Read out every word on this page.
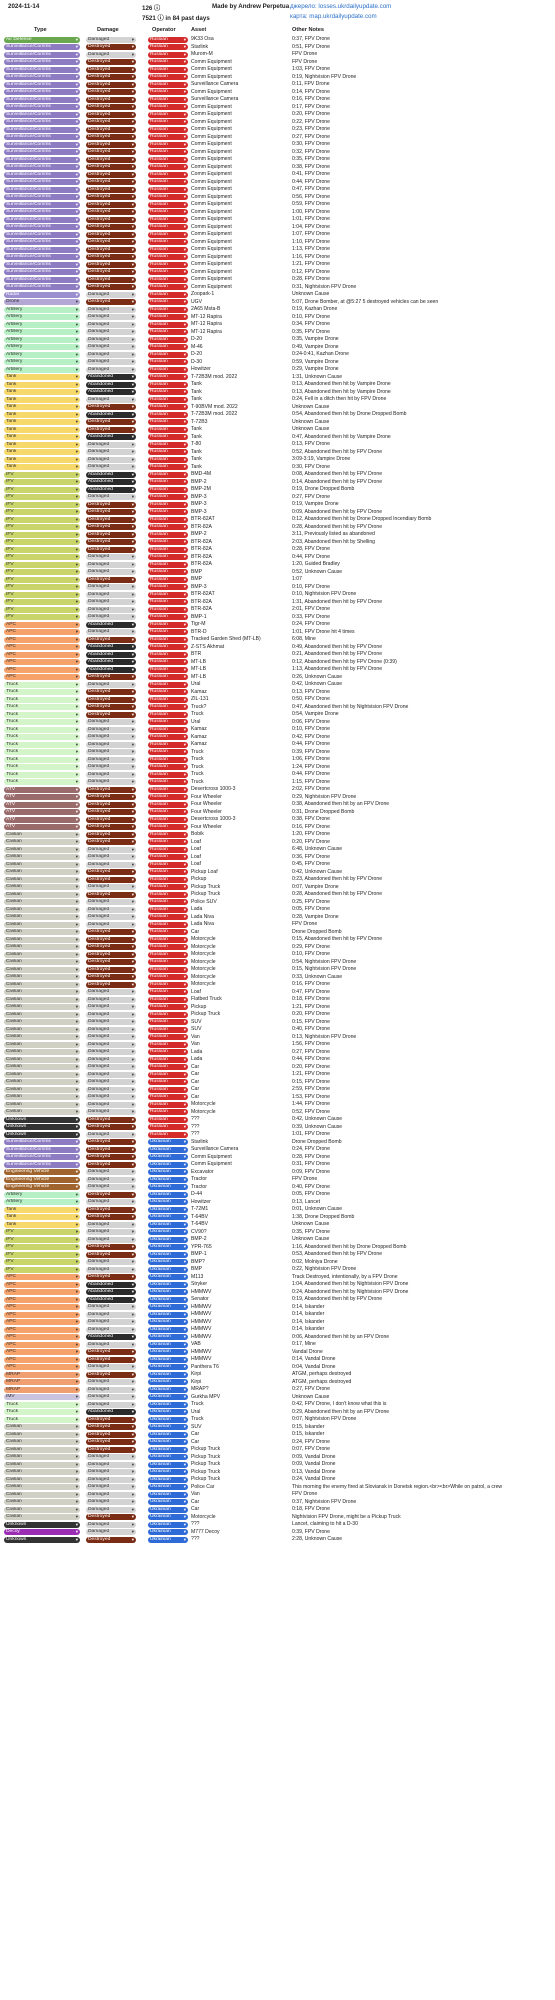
2024-11-14	126 ⓘ
7521 ⓘ in 84 past days
Made by Andrew Perpetua джерело: losses.ukrdailyupdate.com
карта: map.ukrdailyupdate.com
Type	Damage	Operator	Asset	Other Notes
Air Defense ▾	Damaged ▾	Russian ▾	9K33 Osa	0:37, FPV Drone
Surveillance/Comms ▾	Destroyed ▾	Russian ▾	Starlink	0:51, FPV Drone
Surveillance/Comms ▾	Damaged ▾	Russian ▾	Murom-M	FPV Drone
Surveillance/Comms ▾	Destroyed ▾	Russian ▾	Comm Equipment	FPV Drone
Surveillance/Comms ▾	Destroyed ▾	Russian ▾	Comm Equipment	1:03, FPV Drone
Surveillance/Comms ▾	Destroyed ▾	Russian ▾	Comm Equipment	0:19, Nightvision FPV Drone
Surveillance/Comms ▾	Destroyed ▾	Russian ▾	Surveillance Camera	0:11, FPV Drone
Surveillance/Comms ▾	Destroyed ▾	Russian ▾	Comm Equipment	0:14, FPV Drone
Surveillance/Comms ▾	Destroyed ▾	Russian ▾	Surveillance Camera	0:16, FPV Drone
Surveillance/Comms ▾	Destroyed ▾	Russian ▾	Comm Equipment	0:17, FPV Drone
Surveillance/Comms ▾	Destroyed ▾	Russian ▾	Comm Equipment	0:20, FPV Drone
Surveillance/Comms ▾	Destroyed ▾	Russian ▾	Comm Equipment	0:22, FPV Drone
Surveillance/Comms ▾	Destroyed ▾	Russian ▾	Comm Equipment	0:23, FPV Drone
Surveillance/Comms ▾	Destroyed ▾	Russian ▾	Comm Equipment	0:27, FPV Drone
Surveillance/Comms ▾	Destroyed ▾	Russian ▾	Comm Equipment	0:30, FPV Drone
Surveillance/Comms ▾	Destroyed ▾	Russian ▾	Comm Equipment	0:32, FPV Drone
Surveillance/Comms ▾	Destroyed ▾	Russian ▾	Comm Equipment	0:35, FPV Drone
Surveillance/Comms ▾	Destroyed ▾	Russian ▾	Comm Equipment	0:38, FPV Drone
Surveillance/Comms ▾	Destroyed ▾	Russian ▾	Comm Equipment	0:41, FPV Drone
Surveillance/Comms ▾	Destroyed ▾	Russian ▾	Comm Equipment	0:44, FPV Drone
Surveillance/Comms ▾	Destroyed ▾	Russian ▾	Comm Equipment	0:47, FPV Drone
Surveillance/Comms ▾	Destroyed ▾	Russian ▾	Comm Equipment	0:56, FPV Drone
Surveillance/Comms ▾	Destroyed ▾	Russian ▾	Comm Equipment	0:59, FPV Drone
Surveillance/Comms ▾	Destroyed ▾	Russian ▾	Comm Equipment	1:00, FPV Drone
Surveillance/Comms ▾	Destroyed ▾	Russian ▾	Comm Equipment	1:01, FPV Drone
Surveillance/Comms ▾	Destroyed ▾	Russian ▾	Comm Equipment	1:04, FPV Drone
Surveillance/Comms ▾	Destroyed ▾	Russian ▾	Comm Equipment	1:07, FPV Drone
Surveillance/Comms ▾	Destroyed ▾	Russian ▾	Comm Equipment	1:10, FPV Drone
Surveillance/Comms ▾	Destroyed ▾	Russian ▾	Comm Equipment	1:13, FPV Drone
Surveillance/Comms ▾	Destroyed ▾	Russian ▾	Comm Equipment	1:16, FPV Drone
Surveillance/Comms ▾	Destroyed ▾	Russian ▾	Comm Equipment	1:21, FPV Drone
Surveillance/Comms ▾	Destroyed ▾	Russian ▾	Comm Equipment	0:12, FPV Drone
Surveillance/Comms ▾	Destroyed ▾	Russian ▾	Comm Equipment	0:28, FPV Drone
Surveillance/Comms ▾	Destroyed ▾	Russian ▾	Comm Equipment	0:31, Nightvision FPV Drone
Radar ▾	Damaged ▾	Russian ▾	Zoopark-1	Unknown Cause
Drone ▾	Destroyed ▾	Russian ▾	UGV	5:07, Drone Bomber, at @5:27 5 destroyed vehicles can be seen
Artillery ▾	Damaged ▾	Russian ▾	2A65 Msta-B	0:19, Kazhan Drone
Artillery ▾	Damaged ▾	Russian ▾	MT-12 Rapira	0:10, FPV Drone
Artillery ▾	Damaged ▾	Russian ▾	MT-12 Rapira	0:34, FPV Drone
Artillery ▾	Damaged ▾	Russian ▾	MT-12 Rapira	0:35, FPV Drone
Artillery ▾	Damaged ▾	Russian ▾	D-20	0:35, Vampire Drone
Artillery ▾	Damaged ▾	Russian ▾	M-46	0:49, Vampire Drone
Artillery ▾	Damaged ▾	Russian ▾	D-20	0:24-0:41, Kazhan Drone
Artillery ▾	Damaged ▾	Russian ▾	D-30	0:59, Vampire Drone
Artillery ▾	Damaged ▾	Russian ▾	Howitzer	0:29, Vampire Drone
Tank ▾	Abandoned ▾	Russian ▾	T-72B3M mod. 2022	1:31, Unknown Cause
Tank ▾	Abandoned ▾	Russian ▾	Tank	0:13, Abandoned then hit by Vampire Drone
Tank ▾	Abandoned ▾	Russian ▾	Tank	0:13, Abandoned then hit by Vampire Drone
Tank ▾	Damaged ▾	Russian ▾	Tank	0:24, Fell in a ditch then hit by FPV Drone
Tank ▾	Destroyed ▾	Russian ▾	T-90BVM mod. 2022	Unknown Cause
Tank ▾	Abandoned ▾	Russian ▾	T-72B3M mod. 2022	0:54, Abandoned then hit by Drone Dropped Bomb
Tank ▾	Destroyed ▾	Russian ▾	T-72B3	Unknown Cause
Tank ▾	Destroyed ▾	Russian ▾	Tank	Unknown Cause
Tank ▾	Abandoned ▾	Russian ▾	Tank	0:47, Abandoned then hit by Vampire Drone
Tank ▾	Damaged ▾	Russian ▾	T-80	0:13, FPV Drone
Tank ▾	Damaged ▾	Russian ▾	Tank	0:52, Abandoned then hit by FPV Drone
Tank ▾	Damaged ▾	Russian ▾	Tank	3:09-3:19, Vampire Drone
Tank ▾	Damaged ▾	Russian ▾	Tank	0:30, FPV Drone
IFV ▾	Abandoned ▾	Russian ▾	BMD-4M	0:08, Abandoned then hit by FPV Drone
IFV ▾	Abandoned ▾	Russian ▾	BMP-2	0:14, Abandoned then hit by FPV Drone
IFV ▾	Abandoned ▾	Russian ▾	BMP-2M	0:19, Drone Dropped Bomb
IFV ▾	Damaged ▾	Russian ▾	BMP-3	0:27, FPV Drone
IFV ▾	Destroyed ▾	Russian ▾	BMP-3	0:19, Vampire Drone
IFV ▾	Destroyed ▾	Russian ▾	BMP-3	0:09, Abandoned then hit by FPV Drone
IFV ▾	Destroyed ▾	Russian ▾	BTR-82AT	0:12, Abandoned then hit by Drone Dropped Incendiary Bomb
IFV ▾	Destroyed ▾	Russian ▾	BTR-82A	0:28, Abandoned then hit by FPV Drone
IFV ▾	Destroyed ▾	Russian ▾	BMP-2	3:11, Previously listed as abandoned
IFV ▾	Destroyed ▾	Russian ▾	BTR-82A	2:03, Abandoned then hit by Shelling
IFV ▾	Destroyed ▾	Russian ▾	BTR-82A	0:28, FPV Drone
IFV ▾	Damaged ▾	Russian ▾	BTR-82A	0:44, FPV Drone
IFV ▾	Damaged ▾	Russian ▾	BTR-82A	1:20, Guided Bradley
IFV ▾	Damaged ▾	Russian ▾	BMP	0:52, Unknown Cause
IFV ▾	Destroyed ▾	Russian ▾	BMP	1:07
IFV ▾	Damaged ▾	Russian ▾	BMP-3	0:10, FPV Drone
IFV ▾	Damaged ▾	Russian ▾	BTR-82AT	0:10, Nightvision FPV Drone
IFV ▾	Damaged ▾	Russian ▾	BTR-82A	1:31, Abandoned then hit by FPV Drone
IFV ▾	Damaged ▾	Russian ▾	BTR-82A	2:01, FPV Drone
IFV ▾	Damaged ▾	Russian ▾	BMP-1	0:33, FPV Drone
APC ▾	Abandoned ▾	Russian ▾	Tigr-M	0:24, FPV Drone
APC ▾	Damaged ▾	Russian ▾	BTR-D	1:01, FPV Drone hit 4 times
APC ▾	Destroyed ▾	Russian ▾	Tracked Garden Shed (MT-LB)	6:08, Mine
APC ▾	Abandoned ▾	Russian ▾	Z-STS Akhmat	0:49, Abandoned then hit by FPV Drone
APC ▾	Abandoned ▾	Russian ▾	BTR	0:21, Abandoned then hit by FPV Drone
APC ▾	Abandoned ▾	Russian ▾	MT-LB	0:12, Abandoned then hit by FPV Drone (0:39)
APC ▾	Abandoned ▾	Russian ▾	MT-LB	1:13, Abandoned then hit by FPV Drone
APC ▾	Destroyed ▾	Russian ▾	MT-LB	0:26, Unknown Cause
Truck ▾	Damaged ▾	Russian ▾	Ural	0:42, Unknown Cause
Truck ▾	Destroyed ▾	Russian ▾	Kamaz	0:13, FPV Drone
Truck ▾	Destroyed ▾	Russian ▾	ZIL-131	0:50, FPV Drone
Truck ▾	Destroyed ▾	Russian ▾	Truck?	0:47, Abandoned then hit by Nightvision FPV Drone
Truck ▾	Destroyed ▾	Russian ▾	Truck	0:54, Vampire Drone
Truck ▾	Damaged ▾	Russian ▾	Ural	0:06, FPV Drone
Truck ▾	Damaged ▾	Russian ▾	Kamaz	0:10, FPV Drone
Truck ▾	Damaged ▾	Russian ▾	Kamaz	0:42, FPV Drone
Truck ▾	Damaged ▾	Russian ▾	Kamaz	0:44, FPV Drone
Truck ▾	Damaged ▾	Russian ▾	Truck	0:39, FPV Drone
Truck ▾	Damaged ▾	Russian ▾	Truck	1:06, FPV Drone
Truck ▾	Damaged ▾	Russian ▾	Truck	1:24, FPV Drone
Truck ▾	Damaged ▾	Russian ▾	Truck	0:44, FPV Drone
Truck ▾	Damaged ▾	Russian ▾	Truck	1:15, FPV Drone
ATV ▾	Destroyed ▾	Russian ▾	Desertcross 1000-3	2:02, FPV Drone
ATV ▾	Destroyed ▾	Russian ▾	Four Wheeler	0:29, Nightvision FPV Drone
ATV ▾	Destroyed ▾	Russian ▾	Four Wheeler	0:38, Abandoned then hit by an FPV Drone
ATV ▾	Destroyed ▾	Russian ▾	Four Wheeler	0:31, Drone Dropped Bomb
ATV ▾	Destroyed ▾	Russian ▾	Desertcross 1000-3	0:38, FPV Drone
ATV ▾	Destroyed ▾	Russian ▾	Four Wheeler	0:16, FPV Drone
Civilian ▾	Destroyed ▾	Russian ▾	Bobik	1:20, FPV Drone
Civilian ▾	Destroyed ▾	Russian ▾	Loaf	0:20, FPV Drone
Civilian ▾	Damaged ▾	Russian ▾	Loaf	6:48, Unknown Cause
Civilian ▾	Damaged ▾	Russian ▾	Loaf	0:36, FPV Drone
Civilian ▾	Damaged ▾	Russian ▾	Loaf	0:45, FPV Drone
Civilian ▾	Destroyed ▾	Russian ▾	Pickup Loaf	0:42, Unknown Cause
Civilian ▾	Destroyed ▾	Russian ▾	Pickup	0:23, Abandoned then hit by FPV Drone
Civilian ▾	Damaged ▾	Russian ▾	Pickup Truck	0:07, Vampire Drone
Civilian ▾	Destroyed ▾	Russian ▾	Pickup Truck	0:28, Abandoned then hit by FPV Drone
Civilian ▾	Damaged ▾	Russian ▾	Police SUV	0:25, FPV Drone
Civilian ▾	Damaged ▾	Russian ▾	Lada	0:05, FPV Drone
Civilian ▾	Damaged ▾	Russian ▾	Lada Niva	0:28, Vampire Drone
Civilian ▾	Damaged ▾	Russian ▾	Lada Niva	FPV Drone
Civilian ▾	Destroyed ▾	Russian ▾	Car	Drone Dropped Bomb
Civilian ▾	Destroyed ▾	Russian ▾	Motorcycle	0:15, Abandoned then hit by FPV Drone
Civilian ▾	Destroyed ▾	Russian ▾	Motorcycle	0:29, FPV Drone
Civilian ▾	Destroyed ▾	Russian ▾	Motorcycle	0:10, FPV Drone
Civilian ▾	Destroyed ▾	Russian ▾	Motorcycle	0:54, Nightvision FPV Drone
Civilian ▾	Destroyed ▾	Russian ▾	Motorcycle	0:15, Nightvision FPV Drone
Civilian ▾	Destroyed ▾	Russian ▾	Motorcycle	0:33, Unknown Cause
Civilian ▾	Destroyed ▾	Russian ▾	Motorcycle	0:16, FPV Drone
Civilian ▾	Damaged ▾	Russian ▾	Loaf	0:47, FPV Drone
Civilian ▾	Damaged ▾	Russian ▾	Flatbed Truck	0:18, FPV Drone
Civilian ▾	Damaged ▾	Russian ▾	Pickup	1:21, FPV Drone
Civilian ▾	Damaged ▾	Russian ▾	Pickup Truck	0:20, FPV Drone
Civilian ▾	Damaged ▾	Russian ▾	SUV	0:15, FPV Drone
Civilian ▾	Damaged ▾	Russian ▾	SUV	0:40, FPV Drone
Civilian ▾	Damaged ▾	Russian ▾	Van	0:13, Nightvision FPV Drone
Civilian ▾	Damaged ▾	Russian ▾	Van	1:56, FPV Drone
Civilian ▾	Damaged ▾	Russian ▾	Lada	0:27, FPV Drone
Civilian ▾	Damaged ▾	Russian ▾	Lada	0:44, FPV Drone
Civilian ▾	Damaged ▾	Russian ▾	Car	0:20, FPV Drone
Civilian ▾	Damaged ▾	Russian ▾	Car	1:21, FPV Drone
Civilian ▾	Damaged ▾	Russian ▾	Car	0:15, FPV Drone
Civilian ▾	Damaged ▾	Russian ▾	Car	2:59, FPV Drone
Civilian ▾	Damaged ▾	Russian ▾	Car	1:53, FPV Drone
Civilian ▾	Damaged ▾	Russian ▾	Motorcycle	1:44, FPV Drone
Civilian ▾	Damaged ▾	Russian ▾	Motorcycle	0:52, FPV Drone
Unknown ▾	Destroyed ▾	Russian ▾	???	0:42, Unknown Cause
Unknown ▾	Destroyed ▾	Russian ▾	???	0:39, Unknown Cause
Unknown ▾	Damaged ▾	Russian ▾	???	1:01, FPV Drone
Surveillance/Comms ▾	Destroyed ▾	Ukrainian ▾	Starlink	Drone Dropped Bomb
Surveillance/Comms ▾	Destroyed ▾	Ukrainian ▾	Surveillance Camera	0:24, FPV Drone
Surveillance/Comms ▾	Destroyed ▾	Ukrainian ▾	Comm Equipment	0:28, FPV Drone
Surveillance/Comms ▾	Destroyed ▾	Ukrainian ▾	Comm Equipment	0:31, FPV Drone
Engineering Vehicle ▾	Damaged ▾	Ukrainian ▾	Excavator	0:09, FPV Drone
Engineering Vehicle ▾	Damaged ▾	Ukrainian ▾	Tractor	FPV Drone
Engineering Vehicle ▾	Damaged ▾	Ukrainian ▾	Tractor	0:40, FPV Drone
Artillery ▾	Destroyed ▾	Ukrainian ▾	D-44	0:05, FPV Drone
Artillery ▾	Damaged ▾	Ukrainian ▾	Howitzer	0:13, Lancet
Tank ▾	Destroyed ▾	Ukrainian ▾	T-72M1	0:01, Unknown Cause
Tank ▾	Destroyed ▾	Ukrainian ▾	T-64BV	1:38, Drone Dropped Bomb
Tank ▾	Damaged ▾	Ukrainian ▾	T-64BV	Unknown Cause
IFV ▾	Damaged ▾	Ukrainian ▾	CV90?	0:35, FPV Drone
IFV ▾	Damaged ▾	Ukrainian ▾	BMP-2	Unknown Cause
IFV ▾	Destroyed ▾	Ukrainian ▾	YPR-765	1:16, Abandoned then hit by Drone Dropped Bomb
IFV ▾	Destroyed ▾	Ukrainian ▾	BMP-1	0:53, Abandoned then hit by FPV Drone
IFV ▾	Damaged ▾	Ukrainian ▾	BMP?	0:02, Molniya Drone
IFV ▾	Damaged ▾	Ukrainian ▾	BMP	0:22, Nightvision FPV Drone
APC ▾	Destroyed ▾	Ukrainian ▾	M113	Track Destroyed, intentionally, by a FPV Drone
APC ▾	Abandoned ▾	Ukrainian ▾	Stryker	1:04, Abandoned then hit by Nightvision FPV Drone
APC ▾	Abandoned ▾	Ukrainian ▾	HMMWV	0:24, Abandoned then hit by Nightvision FPV Drone
APC ▾	Abandoned ▾	Ukrainian ▾	Senator	0:19, Abandoned then hit by FPV Drone
APC ▾	Damaged ▾	Ukrainian ▾	HMMWV	0:14, Iskander
APC ▾	Damaged ▾	Ukrainian ▾	HMMWV	0:14, Iskander
APC ▾	Damaged ▾	Ukrainian ▾	HMMWV	0:14, Iskander
APC ▾	Damaged ▾	Ukrainian ▾	HMMWV	0:14, Iskander
APC ▾	Abandoned ▾	Ukrainian ▾	HMMWV	0:06, Abandoned then hit by an FPV Drone
APC ▾	Damaged ▾	Ukrainian ▾	VAB	0:17, Mine
APC ▾	Destroyed ▾	Ukrainian ▾	HMMWV	Vandal Drone
APC ▾	Destroyed ▾	Ukrainian ▾	HMMWV	0:14, Vandal Drone
APC ▾	Damaged ▾	Ukrainian ▾	Panthera T6	0:04, Vandal Drone
MRAP ▾	Destroyed ▾	Ukrainian ▾	Kirpi	ATGM, perhaps destroyed
MRAP ▾	Damaged ▾	Ukrainian ▾	Kirpi	ATGM, perhaps destroyed
MRAP ▾	Damaged ▾	Ukrainian ▾	MRAP?	0:27, FPV Drone
IMV ▾	Damaged ▾	Ukrainian ▾	Gurkha MPV	Unknown Cause
Truck ▾	Damaged ▾	Ukrainian ▾	Truck	0:42, FPV Drone, I don't know what this is
Truck ▾	Abandoned ▾	Ukrainian ▾	Ural	0:29, Abandoned then hit by an FPV Drone
Truck ▾	Destroyed ▾	Ukrainian ▾	Truck	0:07, Nightvision FPV Drone
Civilian ▾	Destroyed ▾	Ukrainian ▾	SUV	0:15, Iskander
Civilian ▾	Destroyed ▾	Ukrainian ▾	Car	0:15, Iskander
Civilian ▾	Destroyed ▾	Ukrainian ▾	Car	0:24, FPV Drone
Civilian ▾	Destroyed ▾	Ukrainian ▾	Pickup Truck	0:07, FPV Drone
Civilian ▾	Damaged ▾	Ukrainian ▾	Pickup Truck	0:09, Vandal Drone
Civilian ▾	Damaged ▾	Ukrainian ▾	Pickup Truck	0:09, Vandal Drone
Civilian ▾	Damaged ▾	Ukrainian ▾	Pickup Truck	0:13, Vandal Drone
Civilian ▾	Damaged ▾	Ukrainian ▾	Pickup Truck	0:24, Vandal Drone
Civilian ▾	Damaged ▾	Ukrainian ▾	Police Car	This morning the enemy fired at Sloviansk in Donetsk region.<br><br>While on patrol, a crew
Civilian ▾	Damaged ▾	Ukrainian ▾	Van	FPV Drone
Civilian ▾	Damaged ▾	Ukrainian ▾	Car	0:37, Nightvision FPV Drone
Civilian ▾	Damaged ▾	Ukrainian ▾	Car	0:18, FPV Drone
Civilian ▾	Destroyed ▾	Ukrainian ▾	Motorcycle	Nightvision FPV Drone, might be a Pickup Truck
Unknown ▾	Damaged ▾	Ukrainian ▾	???	Lancet, claiming to hit a D-30
Decoy ▾	Damaged ▾	Ukrainian ▾	M777 Decoy	0:39, FPV Drone
Unknown ▾	Destroyed ▾	Ukrainian ▾	???	2:28, Unknown Cause
